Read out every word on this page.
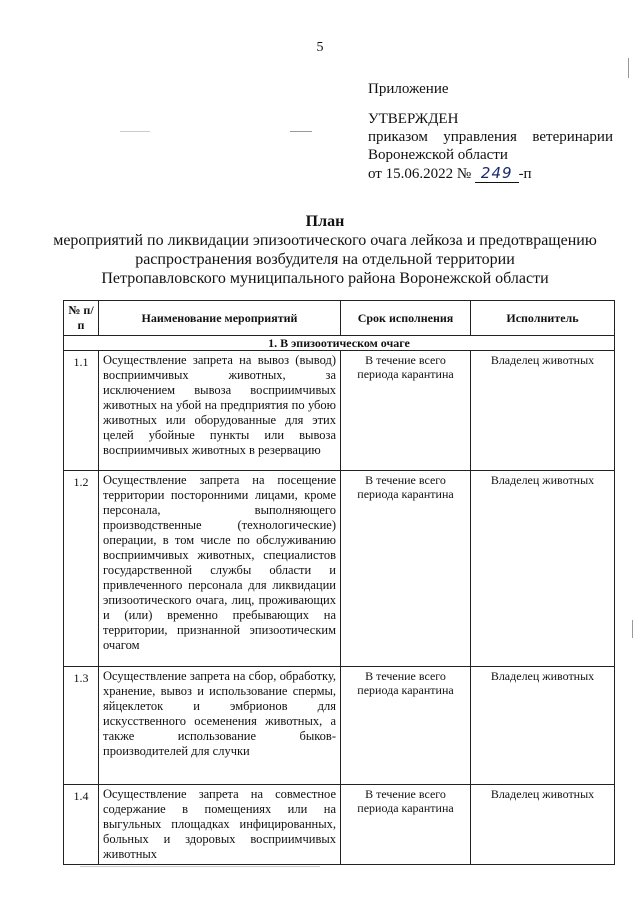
5
Приложение
УТВЕРЖДЕН
приказом управления ветеринарии
Воронежской области
от 15.06.2022 № 249 -п
План
мероприятий по ликвидации эпизоотического очага лейкоза и предотвращению
распространения возбудителя на отдельной территории
Петропавловского муниципального района Воронежской области
№ п/п	Наименование мероприятий	Срок исполнения	Исполнитель
1. В эпизоотическом очаге			
1.1	Осуществление запрета на вывоз (вывод) восприимчивых животных, за исключением вывоза восприимчивых животных на убой на предприятия по убою животных или оборудованные для этих целей убойные пункты или вывоза восприимчивых животных в резервацию	В течение всего периода карантина	Владелец животных
1.2	Осуществление запрета на посещение территории посторонними лицами, кроме персонала, выполняющего производственные (технологические) операции, в том числе по обслуживанию восприимчивых животных, специалистов государственной службы области и привлеченного персонала для ликвидации эпизоотического очага, лиц, проживающих и (или) временно пребывающих на территории, признанной эпизоотическим очагом	В течение всего периода карантина	Владелец животных
1.3	Осуществление запрета на сбор, обработку, хранение, вывоз и использование спермы, яйцеклеток и эмбрионов для искусственного осеменения животных, а также использование быков-производителей для случки	В течение всего периода карантина	Владелец животных
1.4	Осуществление запрета на совместное содержание в помещениях или на выгульных площадках инфицированных, больных и здоровых восприимчивых животных	В течение всего периода карантина	Владелец животных
